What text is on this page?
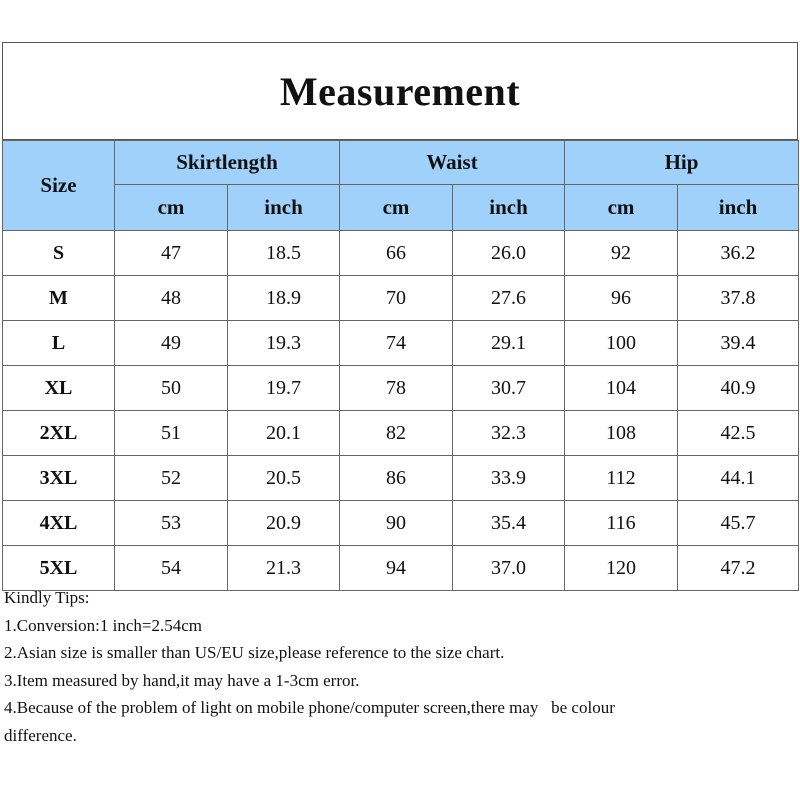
Measurement
Size	Skirtlength		Waist		Hip	
	cm	inch	cm	inch	cm	inch
S	47	18.5	66	26.0	92	36.2
M	48	18.9	70	27.6	96	37.8
L	49	19.3	74	29.1	100	39.4
XL	50	19.7	78	30.7	104	40.9
2XL	51	20.1	82	32.3	108	42.5
3XL	52	20.5	86	33.9	112	44.1
4XL	53	20.9	90	35.4	116	45.7
5XL	54	21.3	94	37.0	120	47.2
Kindly Tips:
1.Conversion:1 inch=2.54cm
2.Asian size is smaller than US/EU size,please reference to the size chart.
3.Item measured by hand,it may have a 1-3cm error.
4.Because of the problem of light on mobile phone/computer screen,there may   be colour
difference.
